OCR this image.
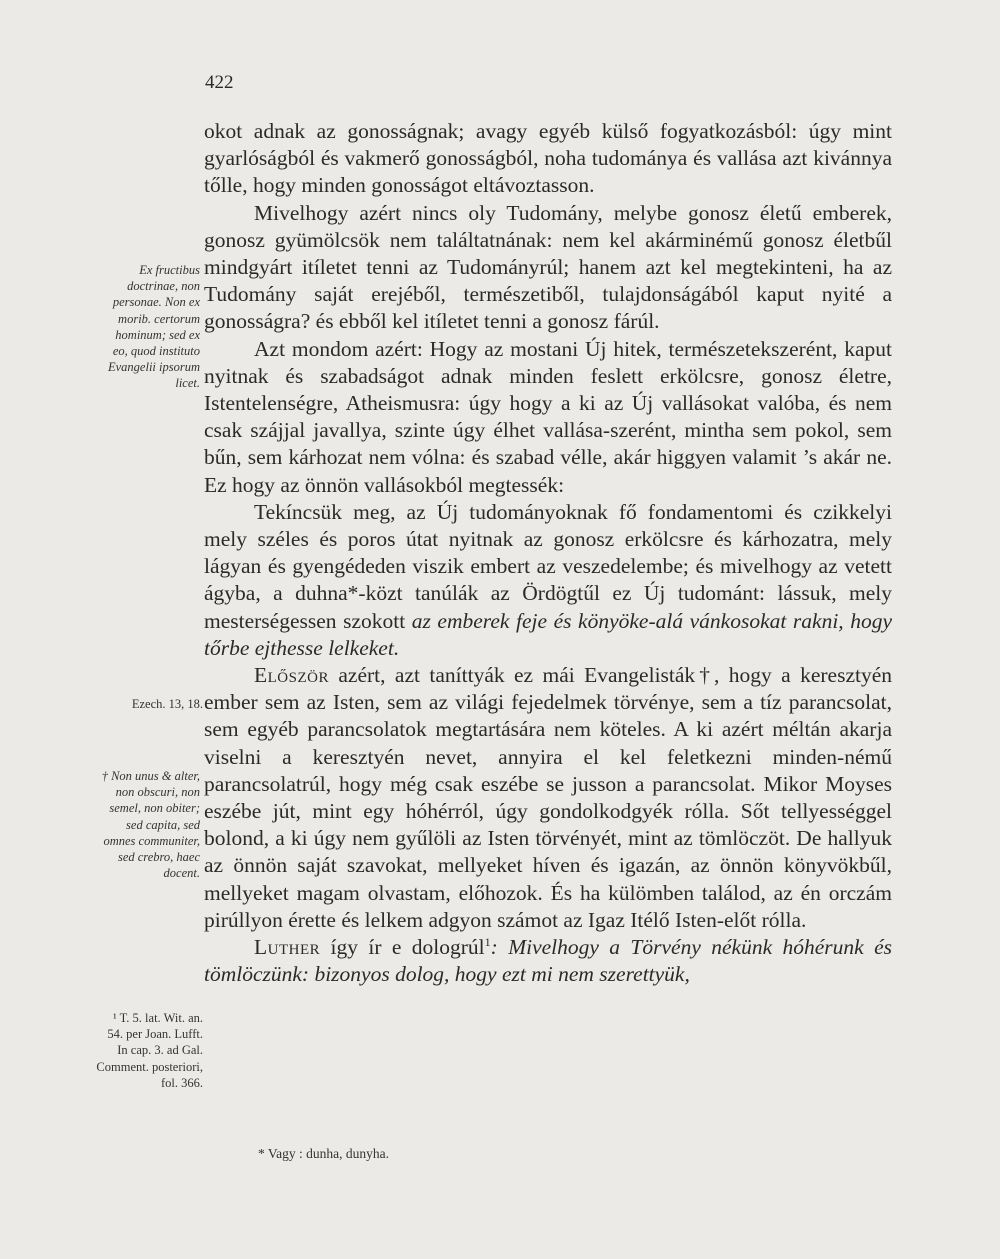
422

okot adnak az gonosságnak; avagy egyéb külső fogyatkozásból: úgy mint gyarlóságból és vakmerő gonosságból, noha tudománya és vallása azt kivánnya tőlle, hogy minden gonosságot eltávoztasson.

Mivelhogy azért nincs oly Tudomány, melybe gonosz életű emberek, gonosz gyümölcsök nem találtatnának: nem kel akárminémű gonosz életbűl mindgyárt itíletet tenni az Tudományrúl; hanem azt kel megtekinteni, ha az Tudomány saját erejéből, természetiből, tulajdonságából kaput nyité a gonosságra? és ebből kel itíletet tenni a gonosz fárúl.

Azt mondom azért: Hogy az mostani Új hitek, természetekszerént, kaput nyitnak és szabadságot adnak minden feslett erkölcsre, gonosz életre, Istentelenségre, Atheismusra: úgy hogy a ki az Új vallásokat valóba, és nem csak szájjal javallya, szinte úgy élhet vallása-szerént, mintha sem pokol, sem bűn, sem kárhozat nem vólna: és szabad vélle, akár higgyen valamit ’s akár ne. Ez hogy az önnön vallásokból megtessék:

Tekíncsük meg, az Új tudományoknak fő fondamentomi és czikkelyi mely széles és poros útat nyitnak az gonosz erkölcsre és kárhozatra, mely lágyan és gyengédeden viszik embert az veszedelembe; és mivelhogy az vetett ágyba, a duhna*-közt tanúlák az Ördögtűl ez Új tudománt: lássuk, mely mesterségessen szokott az emberek feje és könyöke-alá vánkosokat rakni, hogy tőrbe ejthesse lelkeket.

Először azért, azt taníttyák ez mái Evangelisták†, hogy a keresztyén ember sem az Isten, sem az világi fejedelmek törvénye, sem a tíz parancsolat, sem egyéb parancsolatok megtartására nem köteles. A ki azért méltán akarja viselni a keresztyén nevet, annyira el kel feletkezni minden-némű parancsolatrúl, hogy még csak eszébe se jusson a parancsolat. Mikor Moyses eszébe jút, mint egy hóhérról, úgy gondolkodgyék rólla. Sőt tellyességgel bolond, a ki úgy nem gyűlöli az Isten törvényét, mint az tömlöczöt. De hallyuk az önnön saját szavokat, mellyeket híven és igazán, az önnön könyvökbűl, mellyeket magam olvastam, előhozok. És ha külömben találod, az én orczám pirúllyon érette és lelkem adgyon számot az Igaz Itélő Isten-előt rólla.

Luther így ír e dologrúl$^1$: Mivelhogy a Törvény nékünk hóhérunk és tömlöczünk: bizonyos dolog, hogy ezt mi nem szerettyük,

Ex fructibus doctrinae, non personae. Non ex morib. certorum hominum; sed ex eo, quod instituto Evangelii ipsorum licet.
Ezech. 13, 18.
† Non unus & alter, non obscuri, non semel, non obiter; sed capita, sed omnes communiter, sed crebro, haec docent.
¹ T. 5. lat. Wit. an. 54. per Joan. Lufft. In cap. 3. ad Gal. Comment. posteriori, fol. 366.
* Vagy : dunha, dunyha.
